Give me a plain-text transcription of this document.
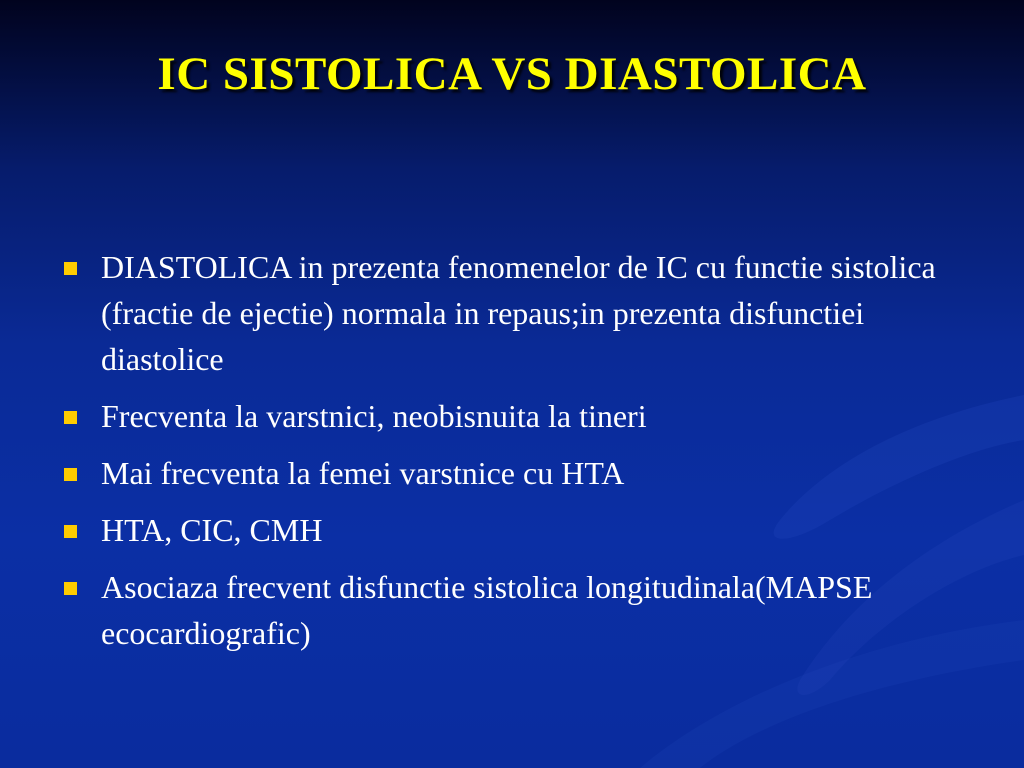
IC SISTOLICA VS DIASTOLICA
DIASTOLICA in prezenta fenomenelor de IC cu functie sistolica (fractie de ejectie) normala in repaus;in prezenta disfunctiei diastolice
Frecventa la varstnici, neobisnuita la tineri
Mai frecventa la femei varstnice cu HTA
HTA, CIC, CMH
Asociaza frecvent disfunctie sistolica longitudinala(MAPSE ecocardiografic)
